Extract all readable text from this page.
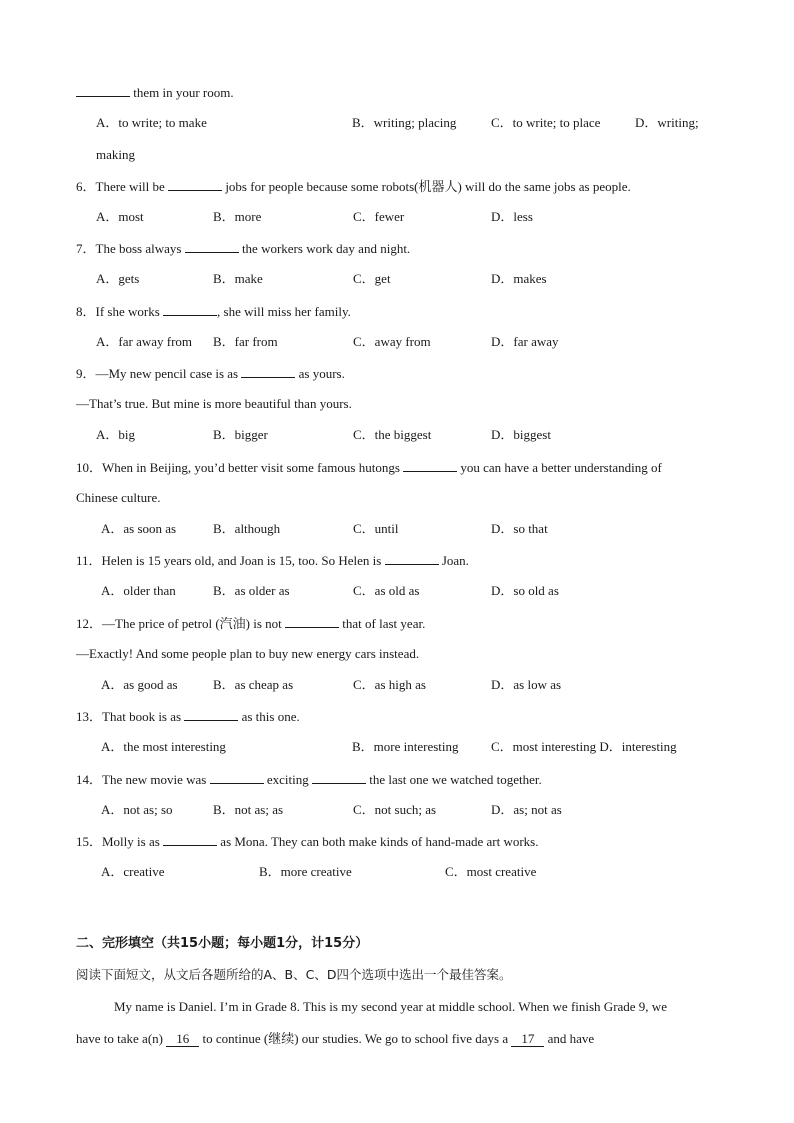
them in your room.
A．to write; to make	B．writing; placing	C．to write; to place	D．writing;
making
6．There will be	jobs for people because some robots(机器人) will do the same jobs as people.
A．most	B．more	C．fewer	D．less
7．The boss always	the workers work day and night.
A．gets	B．make	C．get	D．makes
8．If she works	, she will miss her family.
A．far away from B．far from	C．away from	D．far away
9．—My new pencil case is as	as yours.
—That’s true. But mine is more beautiful than yours.
A．big	B．bigger	C．the biggest	D．biggest
10．When in Beijing, you’d better visit some famous hutongs	you can have a better understanding of
Chinese culture.
A．as soon as	B．although	C．until	D．so that
11．Helen is 15 years old, and Joan is 15, too. So Helen is	Joan.
A．older than	B．as older as	C．as old as	D．so old as
12．—The price of petrol (汽油) is not	that of last year.
—Exactly! And some people plan to buy new energy cars instead.
A．as good as	B．as cheap as	C．as high as	D．as low as
13．That book is as	as this one.
A．the most interesting	B．more interesting C．most interesting D．interesting
14．The new movie was	exciting	the last one we watched together.
A．not as; so	B．not as; as	C．not such; as	D．as; not as
15．Molly is as	as Mona. They can both make kinds of hand-made art works.
A．creative	B．more creative	C．most creative
二、完形填空（共15小题；每小题1分，计15分）
阅读下面短文，从文后各题所给的A、B、C、D四个选项中选出一个最佳答案。
My name is Daniel. I’m in Grade 8. This is my second year at middle school. When we finish Grade 9, we
have to take a(n) 16 to continue (继续) our studies. We go to school five days a 17 and have
